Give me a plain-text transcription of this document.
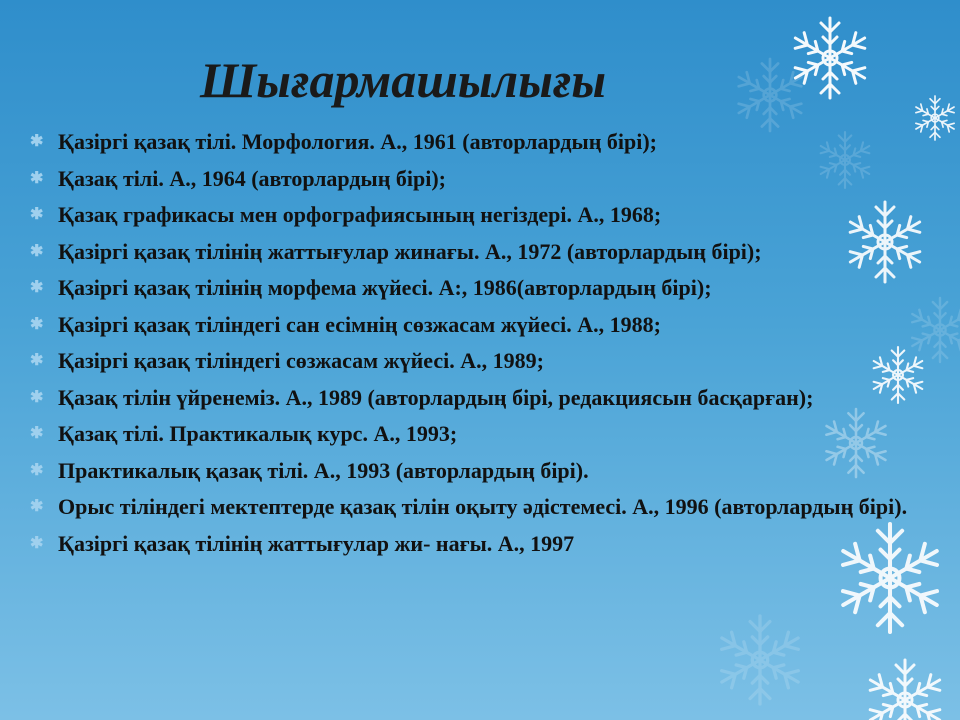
Шығармашылығы
✱ Қазіргі қазақ тілі. Морфология. А., 1961 (авторлардың бірі);
✱ Қазақ тілі. А., 1964 (авторлардың бірі);
✱ Қазақ графикасы мен орфографиясының негіздері. А., 1968;
✱ Қазіргі қазақ тілінің жаттығулар жинағы. А., 1972 (авторлардың бірі);
✱ Қазіргі қазақ тілінің морфема жүйесі. А:, 1986(авторлардың бірі);
✱ Қазіргі қазақ тіліндегі сан есімнің сөзжасам жүйесі. А., 1988;
✱ Қазіргі қазақ тіліндегі сөзжасам жүйесі. А., 1989;
✱ Қазақ тілін үйренеміз. А., 1989 (авторлардың бірі, редакциясын басқарған);
✱ Қазақ тілі. Практикалық курс. А., 1993;
✱ Практикалық қазақ тілі. А., 1993 (авторлардың бірі).
✱ Орыс тіліндегі мектептерде қазақ тілін оқыту әдістемесі. А., 1996 (авторлардың бірі).
✱ Қазіргі қазақ тілінің жаттығулар жи- нағы. А., 1997
